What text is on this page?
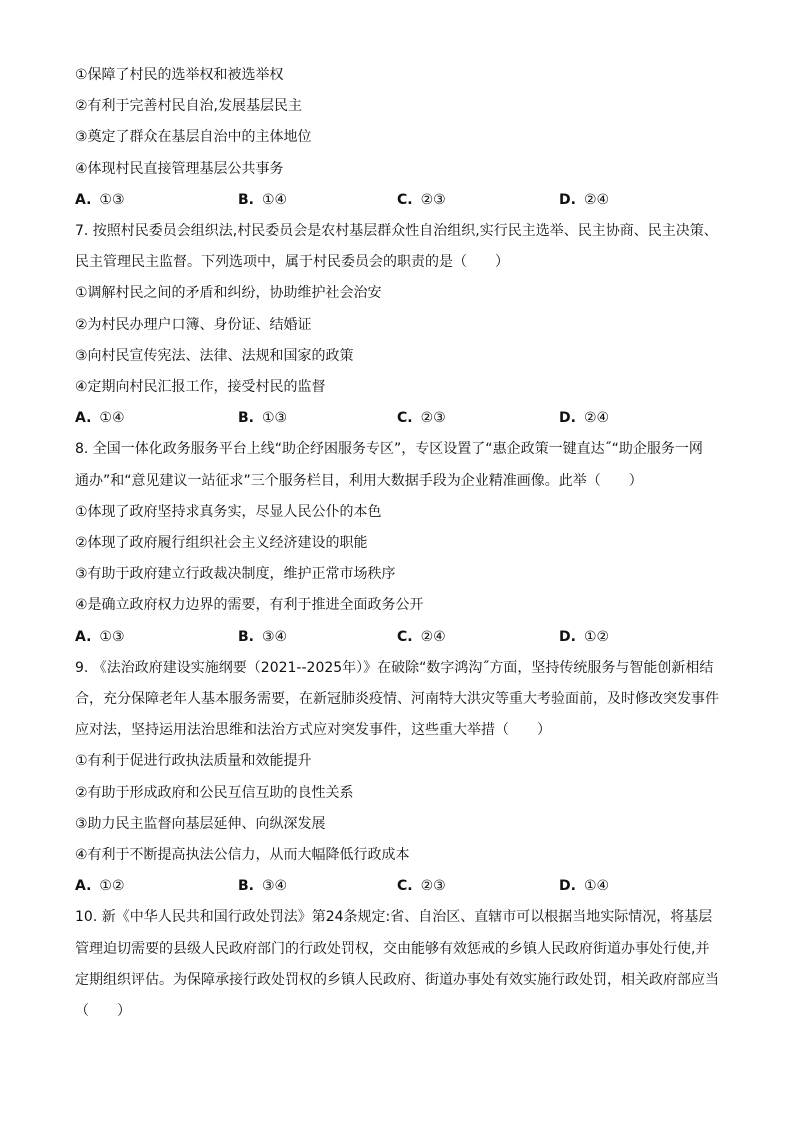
①保障了村民的选举权和被选举权
②有利于完善村民自治,发展基层民主
③奠定了群众在基层自治中的主体地位
④体现村民直接管理基层公共事务
A. ①③	B. ①④	C. ②③	D. ②④
7. 按照村民委员会组织法,村民委员会是农村基层群众性自治组织,实行民主选举、民主协商、民主决策、
民主管理民主监督。下列选项中，属于村民委员会的职责的是（　　）
①调解村民之间的矛盾和纠纷，协助维护社会治安
②为村民办理户口簿、身份证、结婚证
③向村民宣传宪法、法律、法规和国家的政策
④定期向村民汇报工作，接受村民的监督
A. ①④	B. ①③	C. ②③	D. ②④
8. 全国一体化政务服务平台上线“助企纾困服务专区”，专区设置了“惠企政策一键直达˝“助企服务一网
通办”和“意见建议一站征求”三个服务栏目，利用大数据手段为企业精准画像。此举（　　）
①体现了政府坚持求真务实，尽显人民公仆的本色
②体现了政府履行组织社会主义经济建设的职能
③有助于政府建立行政裁决制度，维护正常市场秩序
④是确立政府权力边界的需要，有利于推进全面政务公开
A. ①③	B. ③④	C. ②④	D. ①②
9. 《法治政府建设实施纲要（2021--2025年）》在破除“数字鸿沟˝方面，坚持传统服务与智能创新相结
合，充分保障老年人基本服务需要，在新冠肺炎疫情、河南特大洪灾等重大考验面前，及时修改突发事件
应对法，坚持运用法治思维和法治方式应对突发事件，这些重大举措（　　）
①有利于促进行政执法质量和效能提升
②有助于形成政府和公民互信互助的良性关系
③助力民主监督向基层延伸、向纵深发展
④有利于不断提高执法公信力，从而大幅降低行政成本
A. ①②	B. ③④	C. ②③	D. ①④
10. 新《中华人民共和国行政处罚法》第24条规定:省、自治区、直辖市可以根据当地实际情况，将基层
管理迫切需要的县级人民政府部门的行政处罚权，交由能够有效惩戒的乡镇人民政府街道办事处行使,并
定期组织评估。为保障承接行政处罚权的乡镇人民政府、街道办事处有效实施行政处罚，相关政府部应当
（　　）
